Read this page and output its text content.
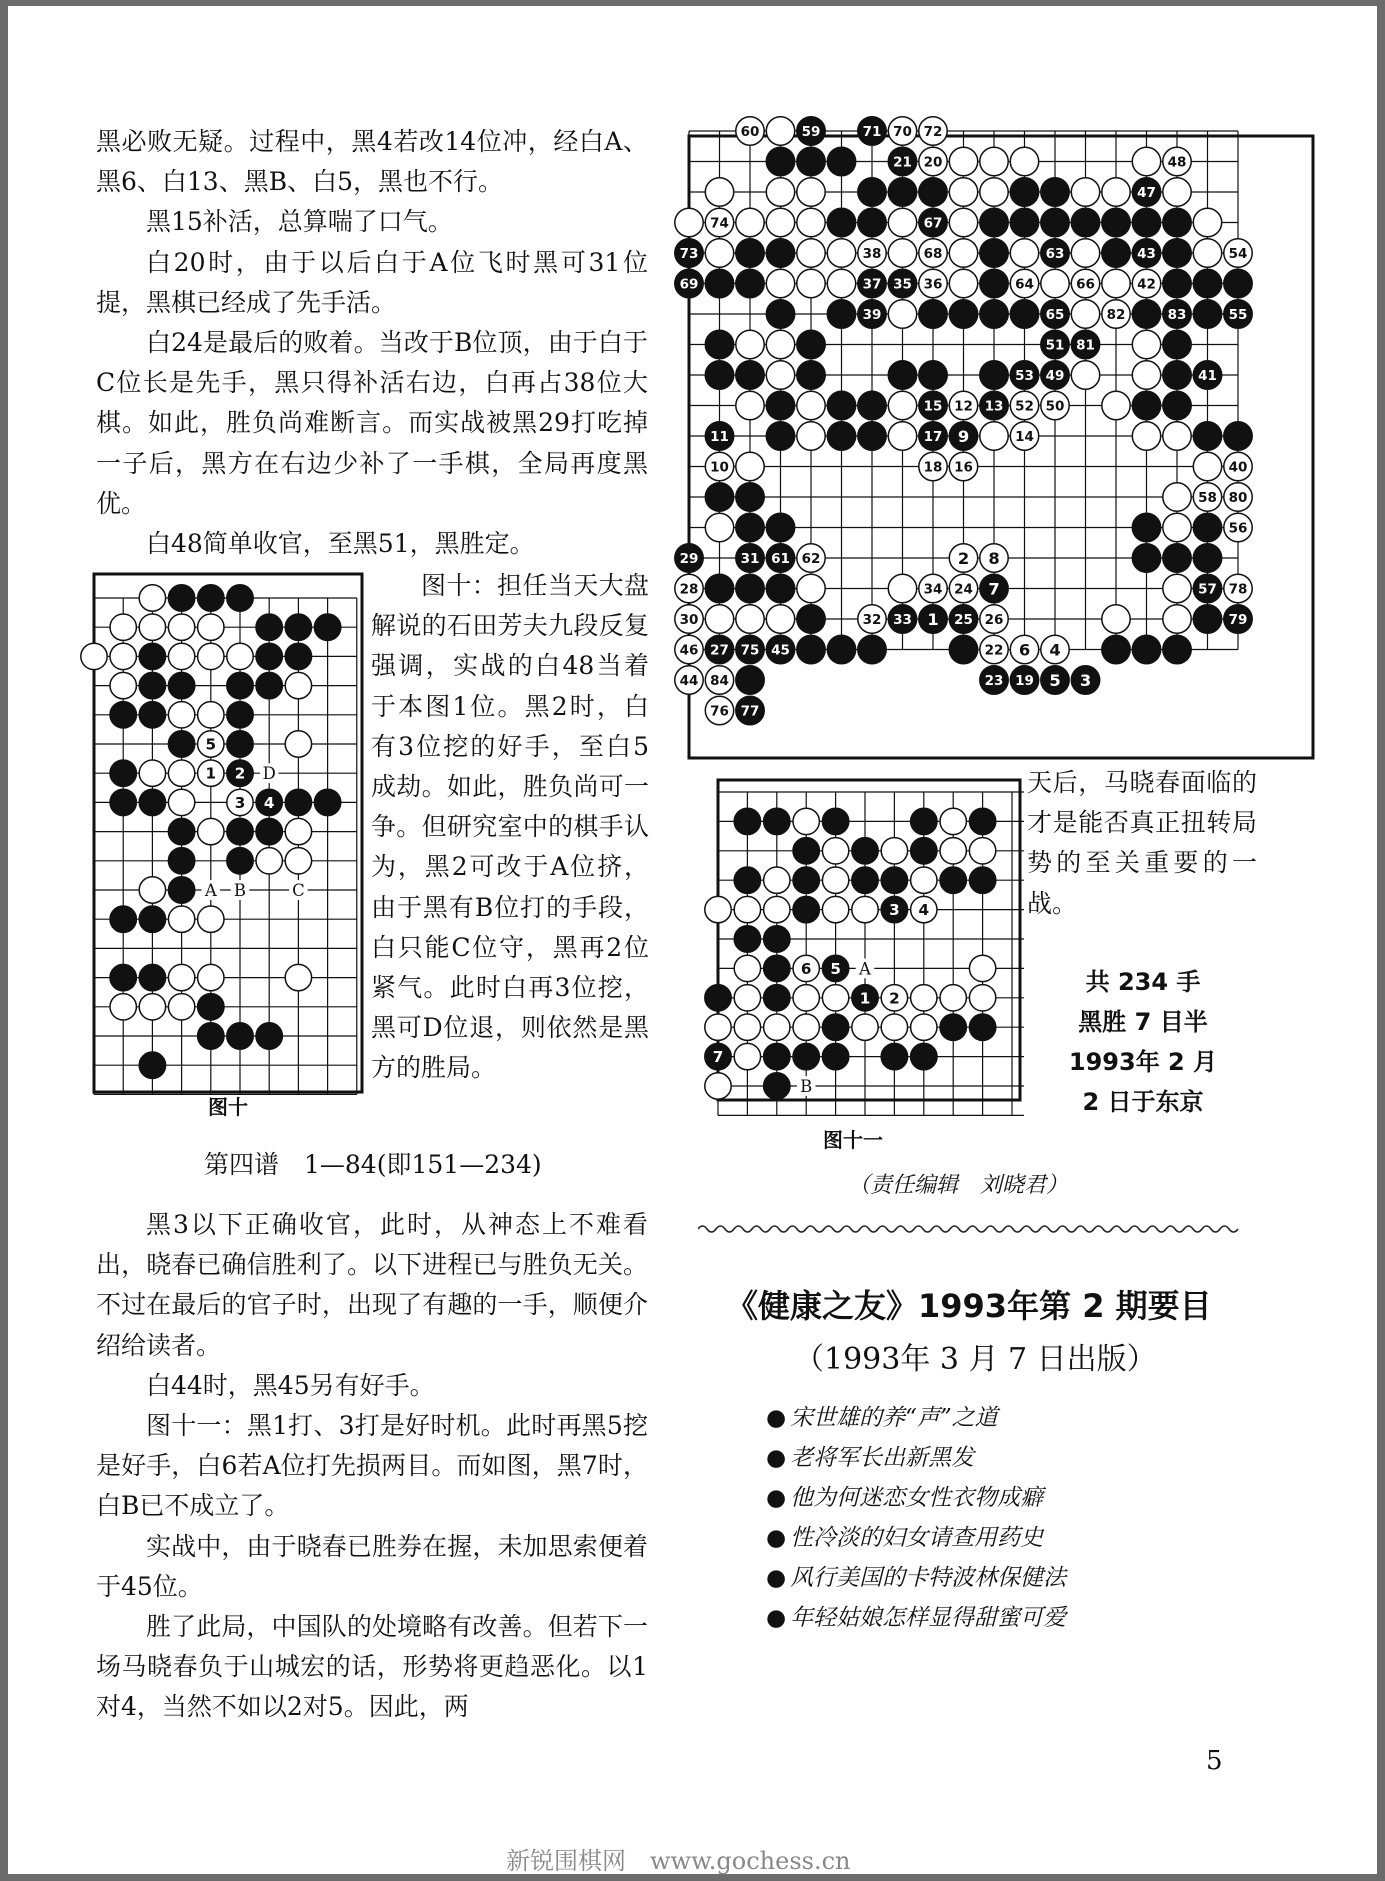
黑必败无疑。过程中，黑4若改14位冲，经白A、黑6、白13、黑B、白5，黑也不行。

黑15补活，总算喘了口气。

白20时，由于以后白于A位飞时黑可31位提，黑棋已经成了先手活。

白24是最后的败着。当改于B位顶，由于白于C位长是先手，黑只得补活右边，白再占38位大棋。如此，胜负尚难断言。而实战被黑29打吃掉一子后，黑方在右边少补了一手棋，全局再度黑优。

白48简单收官，至黑51，黑胜定。

5
1 2
3 4
D
A B	C
图十

图十：担任当天大盘解说的石田芳夫九段反复强调，实战的白48当着于本图1位。黑2时，白有3位挖的好手，至白5成劫。如此，胜负尚可一争。但研究室中的棋手认为，黑2可改于A位挤，由于黑有B位打的手段，白只能C位守，黑再2位紧气。此时白再3位挖，黑可D位退，则依然是黑方的胜局。

第四谱　1—84(即151—234)

黑3以下正确收官，此时，从神态上不难看出，晓春已确信胜利了。以下进程已与胜负无关。不过在最后的官子时，出现了有趣的一手，顺便介绍给读者。

白44时，黑45另有好手。

图十一：黑1打、3打是好时机。此时再黑5挖是好手，白6若A位打先损两目。而如图，黑7时，白B已不成立了。

实战中，由于晓春已胜券在握，未加思索便着于45位。

胜了此局，中国队的处境略有改善。但若下一场马晓春负于山城宏的话，形势将更趋恶化。以1对4，当然不如以2对5。因此，两

60	59	71 70 72
21 20	48
47
74	67
73	38	68	63	43	54
69	37 35 36	64	66	42
39	65	82	83	55
51 81
53 49	41
15 12 13 52 50
11	17 9	14
10	18 16	40
58 80
56
29	31 61 62	2 8
28	34 24 7	57 78
30	32 33 1 25 26	79
46 27 75 45	22 6 4
44 84	23 19 5 3
76 77
3 4
6 5
1 2
7
A
B
图十一

天后，马晓春面临的才是能否真正扭转局势的至关重要的一战。

共 234 手
黑胜 7 目半
1993年 2 月
2 日于东京
（责任编辑　刘晓君）
《健康之友》1993年第 2 期要目
（1993年 3 月 7 日出版）
● 宋世雄的养“声”之道
● 老将军长出新黑发
● 他为何迷恋女性衣物成癖
● 性冷淡的妇女请查用药史
● 风行美国的卡特波林保健法
● 年轻姑娘怎样显得甜蜜可爱
5
新锐围棋网　www.gochess.cn
